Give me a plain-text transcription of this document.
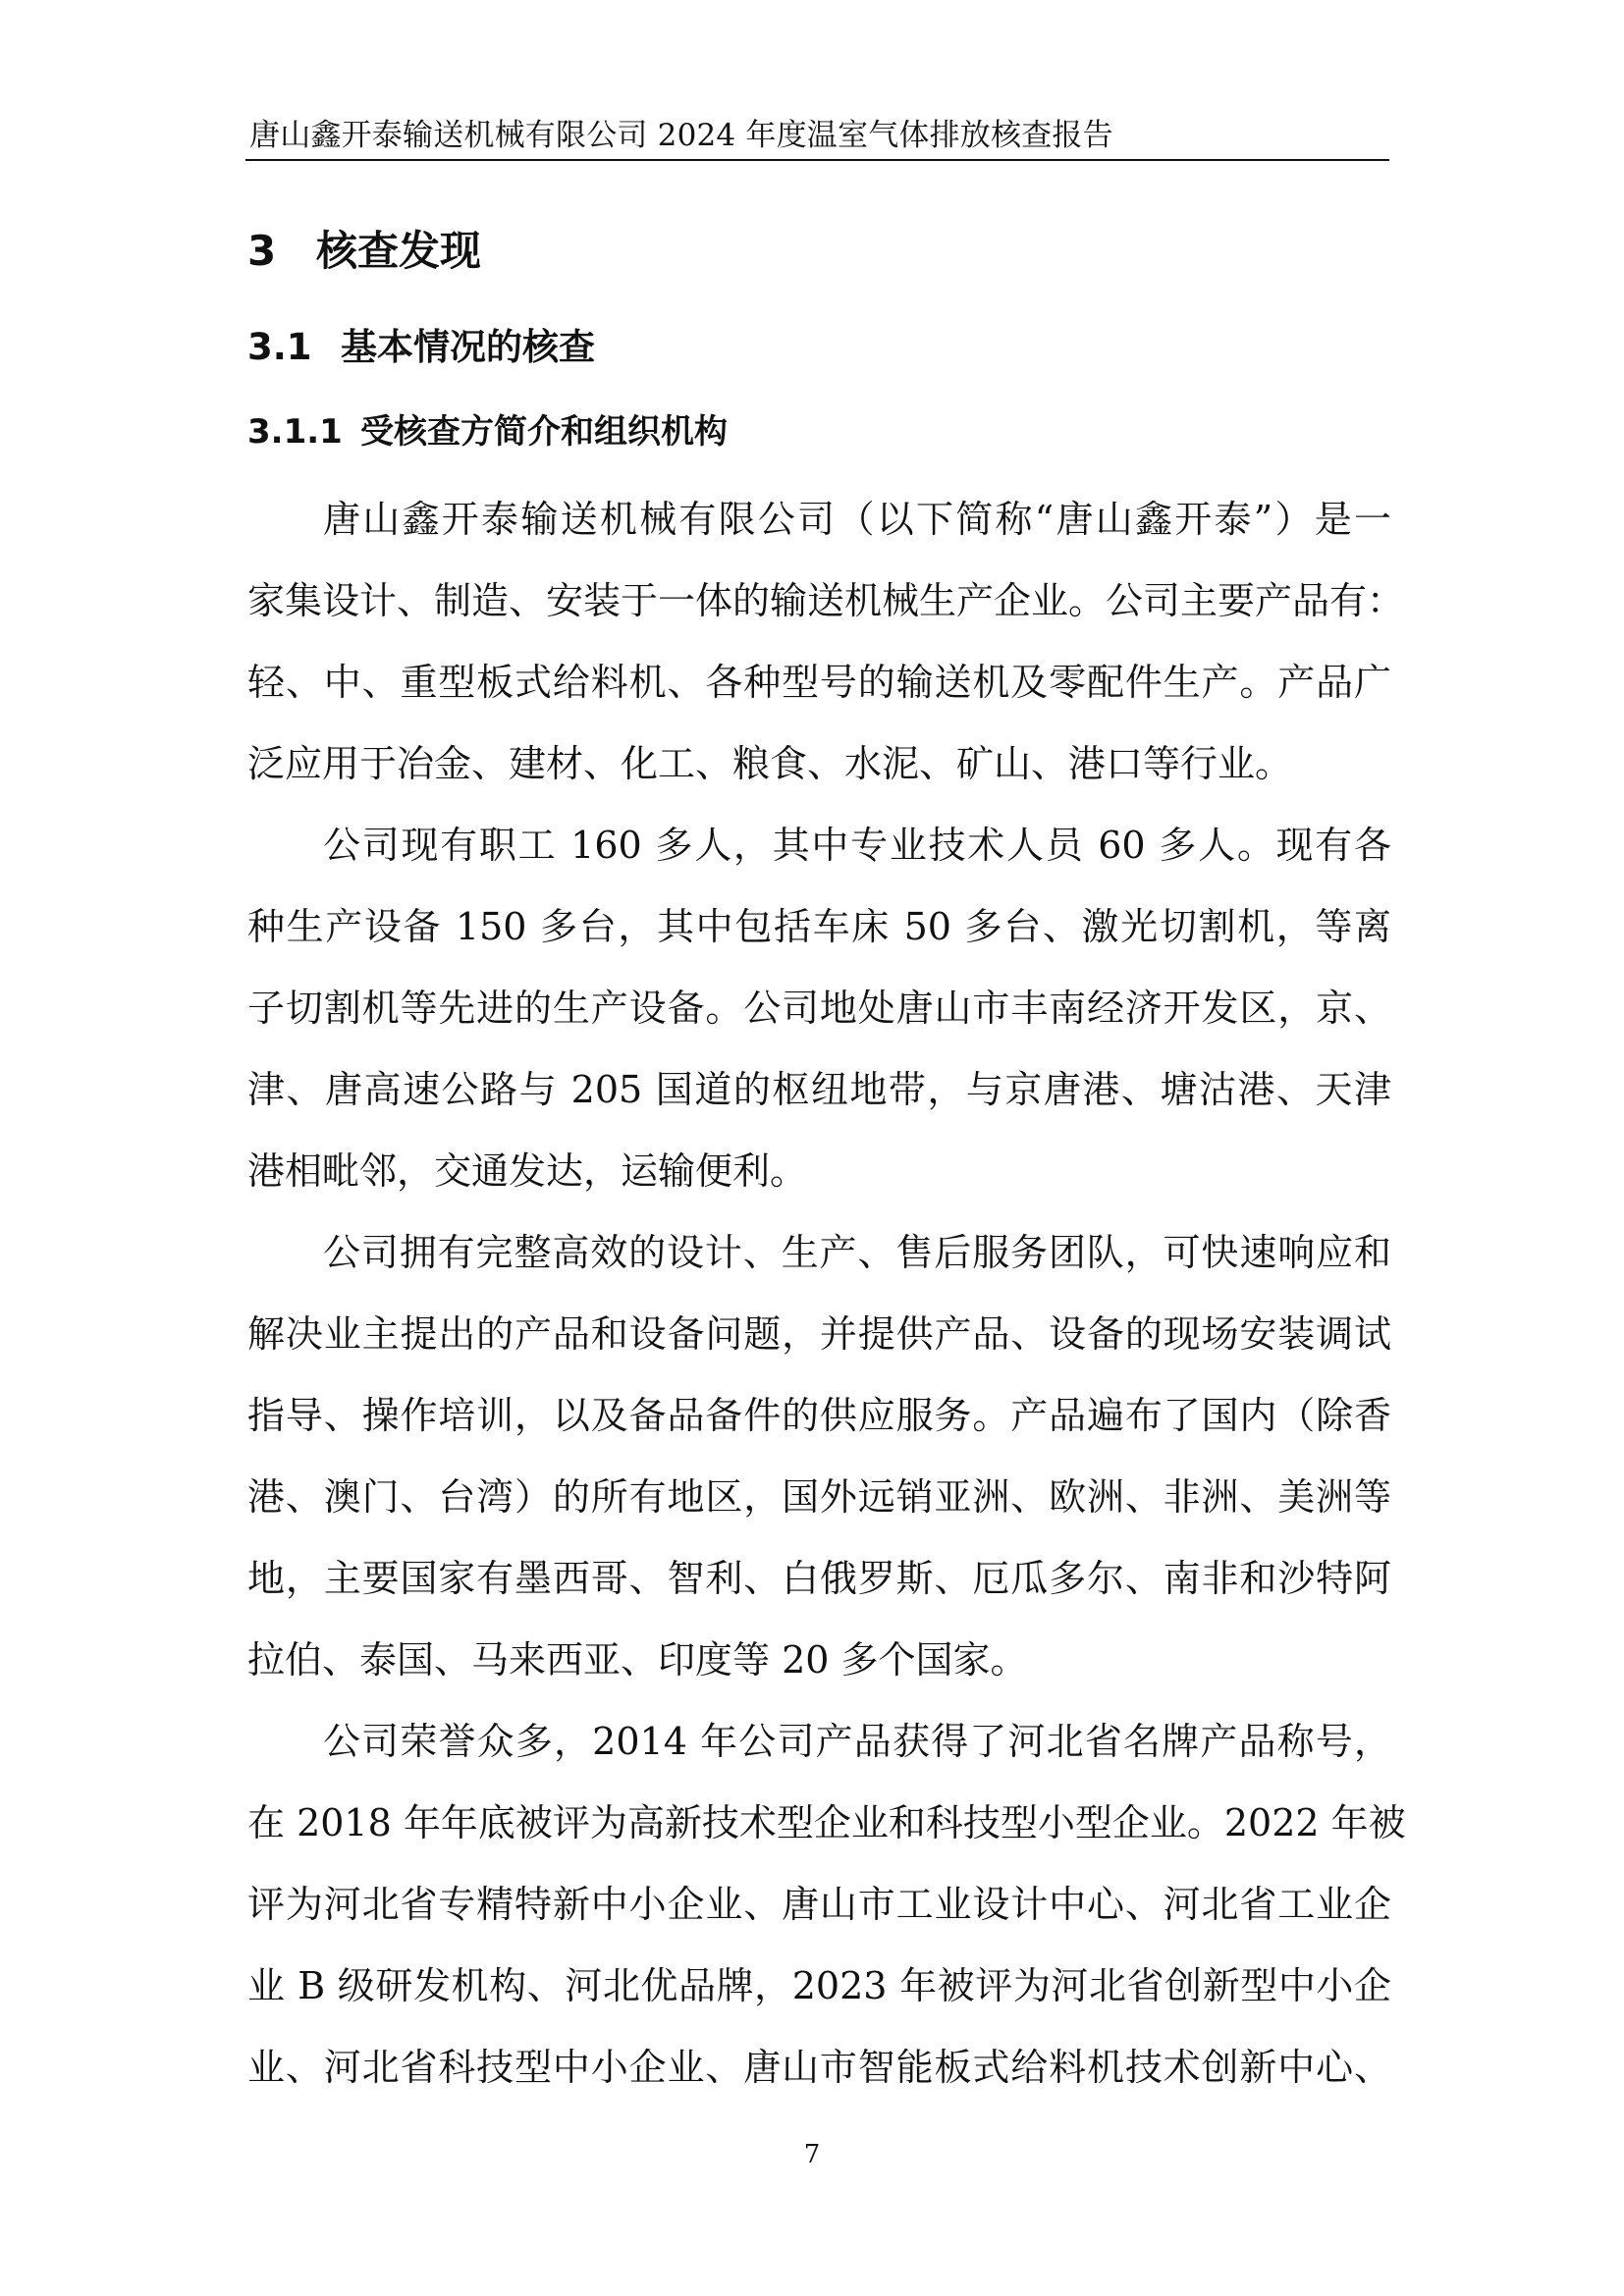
唐山鑫开泰输送机械有限公司 2024 年度温室气体排放核查报告
3 核查发现
3.1 基本情况的核查
3.1.1 受核查方简介和组织机构
唐山鑫开泰输送机械有限公司（以下简称“唐山鑫开泰”）是一
家集设计、制造、安装于一体的输送机械生产企业。公司主要产品有：
轻、中、重型板式给料机、各种型号的输送机及零配件生产。产品广
泛应用于冶金、建材、化工、粮食、水泥、矿山、港口等行业。
公司现有职工 160 多人，其中专业技术人员 60 多人。现有各
种生产设备 150 多台，其中包括车床 50 多台、激光切割机，等离
子切割机等先进的生产设备。公司地处唐山市丰南经济开发区，京、
津、唐高速公路与 205 国道的枢纽地带，与京唐港、塘沽港、天津
港相毗邻，交通发达，运输便利。
公司拥有完整高效的设计、生产、售后服务团队，可快速响应和
解决业主提出的产品和设备问题，并提供产品、设备的现场安装调试
指导、操作培训，以及备品备件的供应服务。产品遍布了国内（除香
港、澳门、台湾）的所有地区，国外远销亚洲、欧洲、非洲、美洲等
地，主要国家有墨西哥、智利、白俄罗斯、厄瓜多尔、南非和沙特阿
拉伯、泰国、马来西亚、印度等 20 多个国家。
公司荣誉众多，2014 年公司产品获得了河北省名牌产品称号，
在 2018 年年底被评为高新技术型企业和科技型小型企业。2022 年被
评为河北省专精特新中小企业、唐山市工业设计中心、河北省工业企
业 B 级研发机构、河北优品牌，2023 年被评为河北省创新型中小企
业、河北省科技型中小企业、唐山市智能板式给料机技术创新中心、
7
